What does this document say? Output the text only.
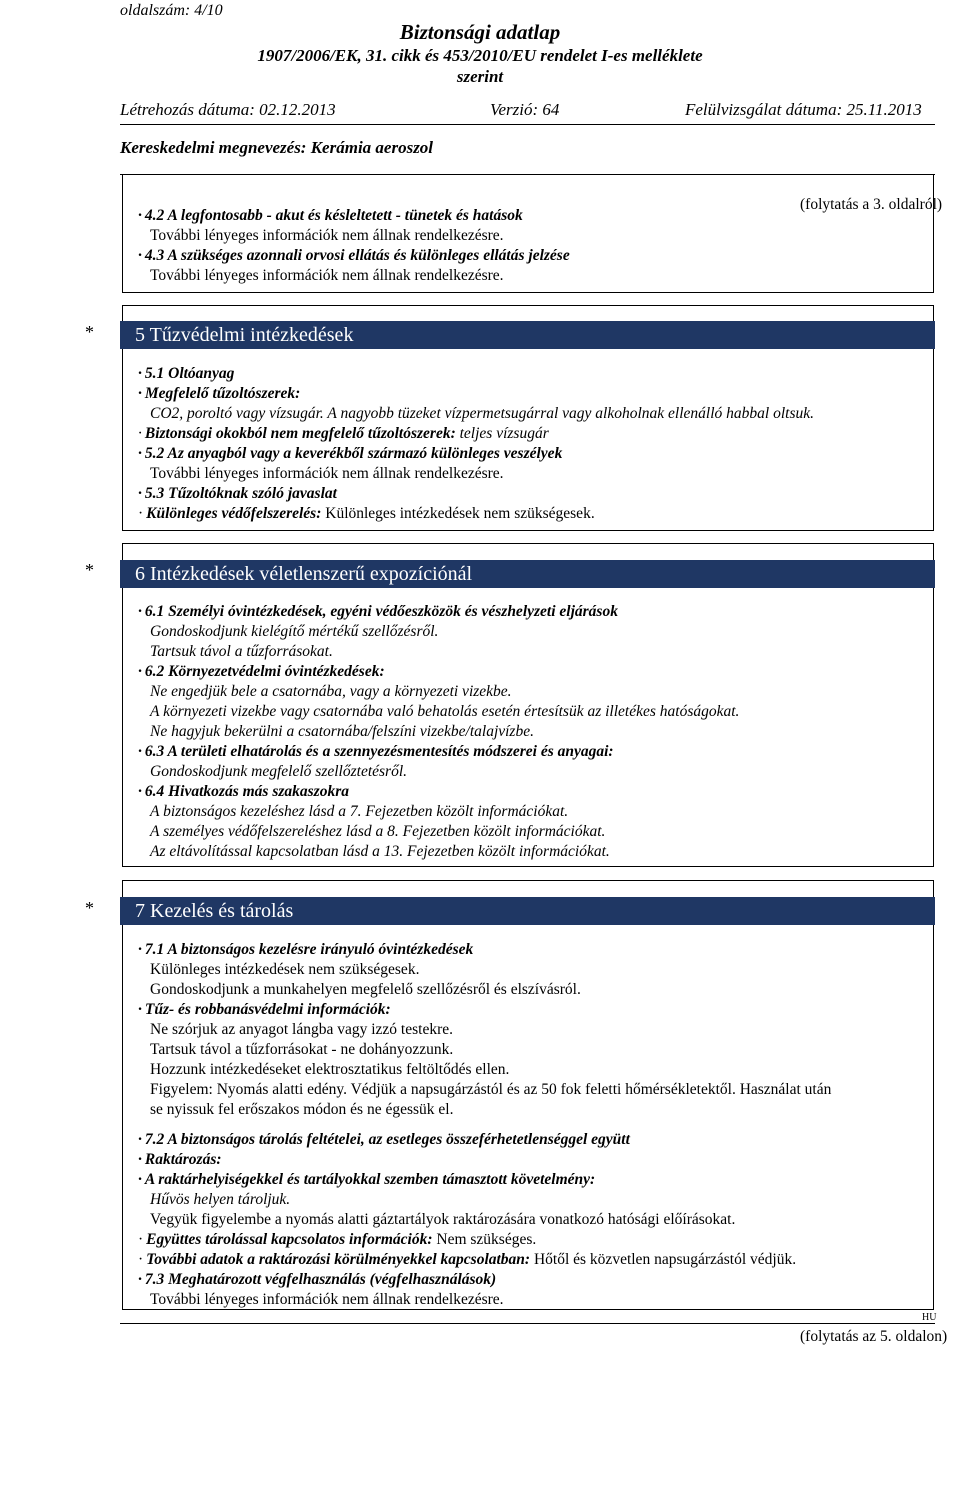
oldalszám: 4/10
Biztonsági adatlap
1907/2006/EK, 31. cikk és 453/2010/EU rendelet I-es melléklete
szerint
Létrehozás dátuma: 02.12.2013	Verzió: 64	Felülvizsgálat dátuma: 25.11.2013
Kereskedelmi megnevezés: Kerámia aeroszol
(folytatás a 3. oldalról)
· 4.2 A legfontosabb - akut és késleltetett - tünetek és hatások
További lényeges információk nem állnak rendelkezésre.
· 4.3 A szükséges azonnali orvosi ellátás és különleges ellátás jelzése
További lényeges információk nem állnak rendelkezésre.
* 5 Tűzvédelmi intézkedések
· 5.1 Oltóanyag
· Megfelelő tűzoltószerek:
CO2, poroltó vagy vízsugár. A nagyobb tüzeket vízpermetsugárral vagy alkoholnak ellenálló habbal oltsuk.
· Biztonsági okokból nem megfelelő tűzoltószerek: teljes vízsugár
· 5.2 Az anyagból vagy a keverékből származó különleges veszélyek
További lényeges információk nem állnak rendelkezésre.
· 5.3 Tűzoltóknak szóló javaslat
· Különleges védőfelszerelés: Különleges intézkedések nem szükségesek.
* 6 Intézkedések véletlenszerű expozíciónál
· 6.1 Személyi óvintézkedések, egyéni védőeszközök és vészhelyzeti eljárások
Gondoskodjunk kielégítő mértékű szellőzésről.
Tartsuk távol a tűzforrásokat.
· 6.2 Környezetvédelmi óvintézkedések:
Ne engedjük bele a csatornába, vagy a környezeti vizekbe.
A környezeti vizekbe vagy csatornába való behatolás esetén értesítsük az illetékes hatóságokat.
Ne hagyjuk bekerülni a csatornába/felszíni vizekbe/talajvízbe.
· 6.3 A területi elhatárolás és a szennyezésmentesítés módszerei és anyagai:
Gondoskodjunk megfelelő szellőztetésről.
· 6.4 Hivatkozás más szakaszokra
A biztonságos kezeléshez lásd a 7. Fejezetben közölt információkat.
A személyes védőfelszereléshez lásd a 8. Fejezetben közölt információkat.
Az eltávolítással kapcsolatban lásd a 13. Fejezetben közölt információkat.
* 7 Kezelés és tárolás
· 7.1 A biztonságos kezelésre irányuló óvintézkedések
Különleges intézkedések nem szükségesek.
Gondoskodjunk a munkahelyen megfelelő szellőzésről és elszívásról.
· Tűz- és robbanásvédelmi információk:
Ne szórjuk az anyagot lángba vagy izzó testekre.
Tartsuk távol a tűzforrásokat - ne dohányozzunk.
Hozzunk intézkedéseket elektrosztatikus feltöltődés ellen.
Figyelem: Nyomás alatti edény. Védjük a napsugárzástól és az 50 fok feletti hőmérsékletektől. Használat után
se nyissuk fel erőszakos módon és ne égessük el.
· 7.2 A biztonságos tárolás feltételei, az esetleges összeférhetetlenséggel együtt
· Raktározás:
· A raktárhelyiségekkel és tartályokkal szemben támasztott követelmény:
Hűvös helyen tároljuk.
Vegyük figyelembe a nyomás alatti gáztartályok raktározására vonatkozó hatósági előírásokat.
· Együttes tárolással kapcsolatos információk: Nem szükséges.
· További adatok a raktározási körülményekkel kapcsolatban: Hőtől és közvetlen napsugárzástól védjük.
· 7.3 Meghatározott végfelhasználás (végfelhasználások)
További lényeges információk nem állnak rendelkezésre.
HU
(folytatás az 5. oldalon)
